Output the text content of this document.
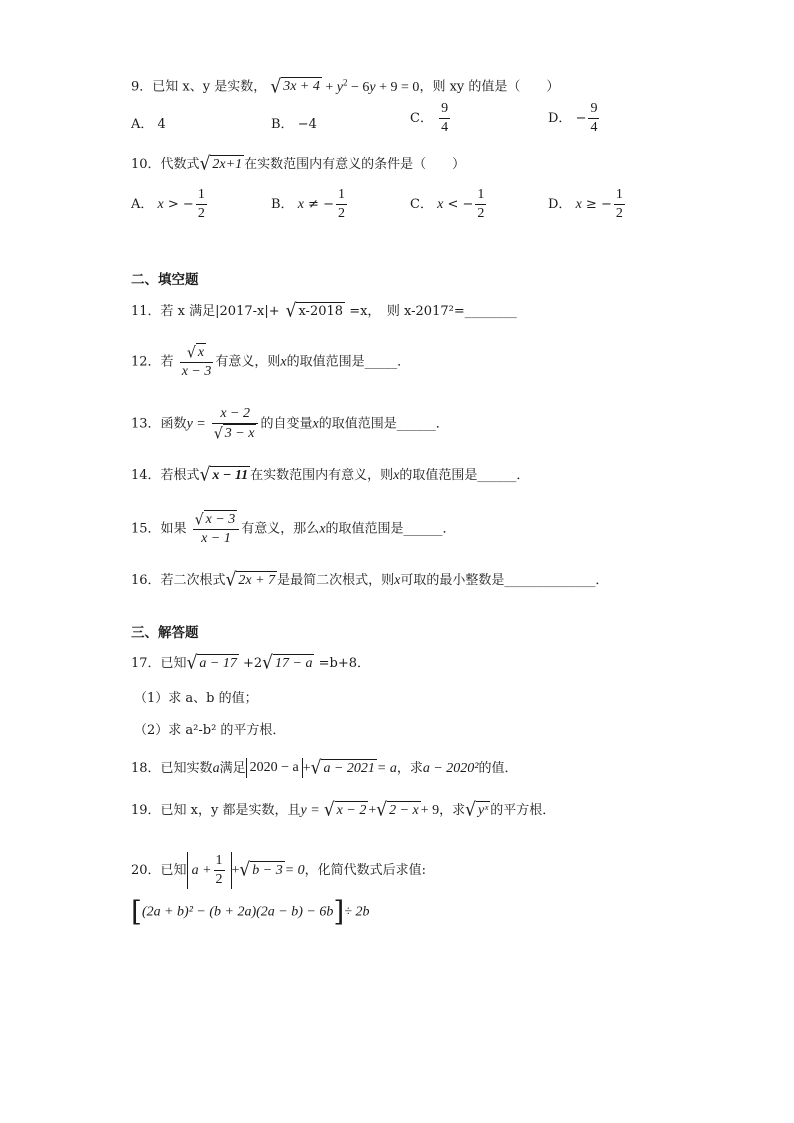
9．已知 x、y 是实数， √ $3x + 4 + y^2 - 6y + 9 = 0$，则 xy 的值是（　　）
A． 4	B． −4	C． $\frac{9}{4}$	D． − $\frac{9}{4}$
10．代数式√ 2x+1 在实数范围内有意义的条件是（　　）
A． x > − $\frac{1}{2}$	B． x ≠ − $\frac{1}{2}$	C． x < − $\frac{1}{2}$	D． x ≥ − $\frac{1}{2}$
二、填空题
11．若 x 满足|2017-x|+ √ x-2018 =x，　则 x-2017²=________
12．若 $\frac{√ x}{x - 3}$ 有意义，则x的取值范围是_____．
13．函数$y = \frac{x - 2}{√ 3 - x}$ 的自变量x的取值范围是______．
14．若根式√ x − 11 在实数范围内有意义，则x的取值范围是______．
15．如果 $\frac{√ x - 3}{x - 1}$ 有意义，那么x的取值范围是______．
16．若二次根式√ 2x + 7 是最简二次根式，则x可取的最小整数是______________．
三、解答题
17．已知√ a − 17 +2√ 17 − a =b+8．
（1）求 a、b 的值；
（2）求 a²-b² 的平方根．
18．已知实数a满足 2020 − a +√ a − 2021 = a，求a − 2020²的值．
19．已知 x，y 都是实数，且y = √ x − 2 +√ 2 − x + 9，求√ yˣ 的平方根．
20．已知 $a + \frac{1}{2}$ +√ b − 3 = 0，化简代数式后求值:
[(2a + b)² − (b + 2a)(2a − b) − 6b]÷ 2b
